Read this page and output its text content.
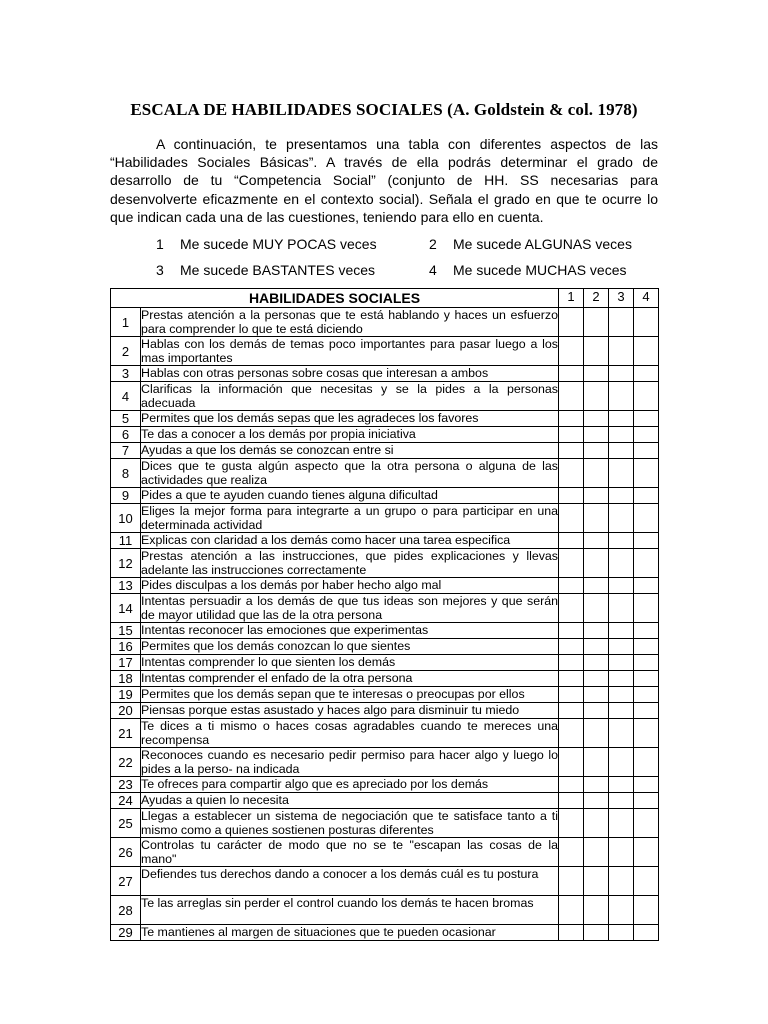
ESCALA DE HABILIDADES SOCIALES (A. Goldstein & col. 1978)

A continuación, te presentamos una tabla con diferentes aspectos de las “Habilidades Sociales Básicas”. A través de ella podrás determinar el grado de desarrollo de tu “Competencia Social” (conjunto de HH. SS necesarias para desenvolverte eficazmente en el contexto social). Señala el grado en que te ocurre lo que indican cada una de las cuestiones, teniendo para ello en cuenta.

1 Me sucede MUY POCAS veces	2 Me sucede ALGUNAS veces
3 Me sucede BASTANTES veces	4 Me sucede MUCHAS veces
HABILIDADES SOCIALES		1	2	3	4
1	Prestas atención a la personas que te está hablando y haces un esfuerzo para comprender lo que te está diciendo				
2	Hablas con los demás de temas poco importantes para pasar luego a los mas importantes				
3	Hablas con otras personas sobre cosas que interesan a ambos				
4	Clarificas la información que necesitas y se la pides a la personas adecuada				
5	Permites que los demás sepas que les agradeces los favores				
6	Te das a conocer a los demás por propia iniciativa				
7	Ayudas a que los demás se conozcan entre si				
8	Dices que te gusta algún aspecto que la otra persona o alguna de las actividades que realiza				
9	Pides a que te ayuden cuando tienes alguna dificultad				
10	Eliges la mejor forma para integrarte a un grupo o para participar en una determinada actividad				
11	Explicas con claridad a los demás como hacer una tarea especifica				
12	Prestas atención a las instrucciones, que pides explicaciones y llevas adelante las instrucciones correctamente				
13	Pides disculpas a los demás por haber hecho algo mal				
14	Intentas persuadir a los demás de que tus ideas son mejores y que serán de mayor utilidad que las de la otra persona				
15	Intentas reconocer las emociones que experimentas				
16	Permites que los demás conozcan lo que sientes				
17	Intentas comprender lo que sienten los demás				
18	Intentas comprender el enfado de la otra persona				
19	Permites que los demás sepan que te interesas o preocupas por ellos				
20	Piensas porque estas asustado y haces algo para disminuir tu miedo				
21	Te dices a ti mismo o haces cosas agradables cuando te mereces una recompensa				
22	Reconoces cuando es necesario pedir permiso para hacer algo y luego lo pides a la perso- na indicada				
23	Te ofreces para compartir algo que es apreciado por los demás				
24	Ayudas a quien lo necesita				
25	Llegas a establecer un sistema de negociación que te satisface tanto a ti mismo como a quienes sostienen posturas diferentes				
26	Controlas tu carácter de modo que no se te "escapan las cosas de la mano"				
27	Defiendes tus derechos dando a conocer a los demás cuál es tu postura				
28	Te las arreglas sin perder el control cuando los demás te hacen bromas				
29	Te mantienes al margen de situaciones que te pueden ocasionar				
